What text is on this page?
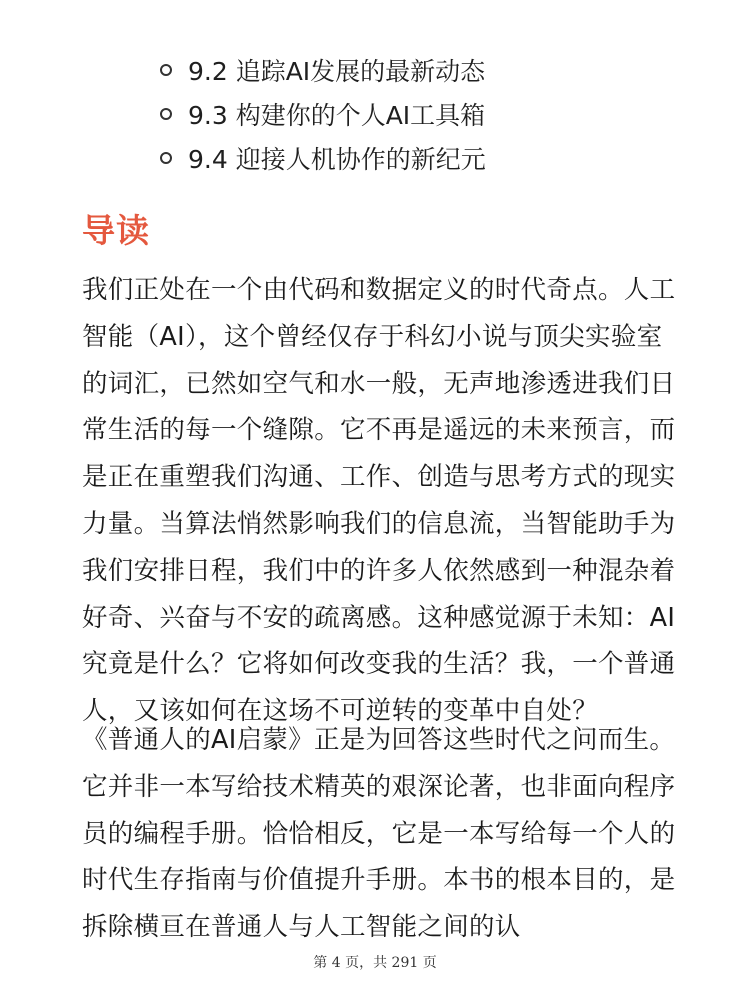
9.2 追踪AI发展的最新动态
9.3 构建你的个人AI工具箱
9.4 迎接人机协作的新纪元
导读

我们正处在一个由代码和数据定义的时代奇点。人工智能（AI），这个曾经仅存于科幻小说与顶尖实验室的词汇，已然如空气和水一般，无声地渗透进我们日常生活的每一个缝隙。它不再是遥远的未来预言，而是正在重塑我们沟通、工作、创造与思考方式的现实力量。当算法悄然影响我们的信息流，当智能助手为我们安排日程，我们中的许多人依然感到一种混杂着好奇、兴奋与不安的疏离感。这种感觉源于未知：AI究竟是什么？它将如何改变我的生活？我，一个普通人，又该如何在这场不可逆转的变革中自处？

《普通人的AI启蒙》正是为回答这些时代之问而生。它并非一本写给技术精英的艰深论著，也非面向程序员的编程手册。恰恰相反，它是一本写给每一个人的时代生存指南与价值提升手册。本书的根本目的，是拆除横亘在普通人与人工智能之间的认

第 4 页，共 291 页
